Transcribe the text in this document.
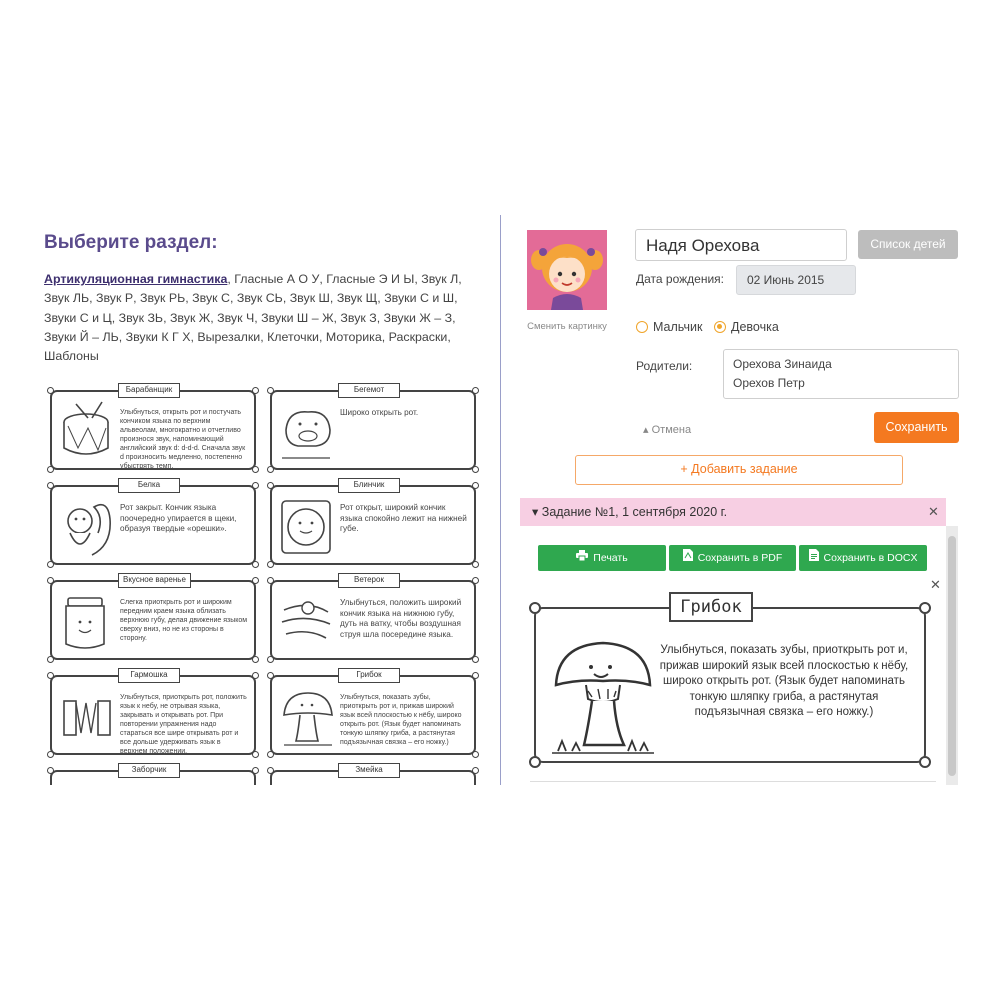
Выберите раздел:
Артикуляционная гимнастика, Гласные А О У, Гласные Э И Ы, Звук Л, Звук ЛЬ, Звук Р, Звук РЬ, Звук С, Звук СЬ, Звук Ш, Звук Щ, Звуки С и Ш, Звуки С и Ц, Звук ЗЬ, Звук Ж, Звук Ч, Звуки Ш – Ж, Звук З, Звуки Ж – З, Звуки Й – ЛЬ, Звуки К Г Х, Вырезалки, Клеточки, Моторика, Раскраски, Шаблоны
Барабанщик
Улыбнуться, открыть рот и постучать кончиком языка по верхним альвеолам, многократно и отчетливо произнося звук, напоминающий английский звук d: d-d-d. Сначала звук d произносить медленно, постепенно убыстрять темп.
Бегемот
Широко открыть рот.
Белка
Рот закрыт. Кончик языка поочередно упирается в щеки, образуя твердые «орешки».
Блинчик
Рот открыт, широкий кончик языка спокойно лежит на нижней губе.
Вкусное варенье
Слегка приоткрыть рот и широким передним краем языка облизать верхнюю губу, делая движение языком сверху вниз, но не из стороны в сторону.
Ветерок
Улыбнуться, положить широкий кончик языка на нижнюю губу, дуть на ватку, чтобы воздушная струя шла посередине языка.
Гармошка
Улыбнуться, приоткрыть рот, положить язык к небу, не отрывая языка, закрывать и открывать рот. При повторении упражнения надо стараться все шире открывать рот и все дольше удерживать язык в верхнем положении.
Грибок
Улыбнуться, показать зубы, приоткрыть рот и, прижав широкий язык всей плоскостью к нёбу, широко открыть рот. (Язык будет напоминать тонкую шляпку гриба, а растянутая подъязычная связка – его ножку.)
Заборчик	Змейка
Сменить картинку
Надя Орехова	Список детей
Дата рождения:	02 Июнь 2015
Мальчик Девочка
Родители:	Орехова Зинаида
Орехов Петр
▴ Отмена	Сохранить
+ Добавить задание
▾ Задание №1, 1 сентября 2020 г.	✕
Печать	Сохранить в PDF	Сохранить в DOCX
✕
Грибок
Улыбнуться, показать зубы, приоткрыть рот и, прижав широкий язык всей плоскостью к нёбу, широко открыть рот. (Язык будет напоминать тонкую шляпку гриба, а растянутая подъязычная связка – его ножку.)
